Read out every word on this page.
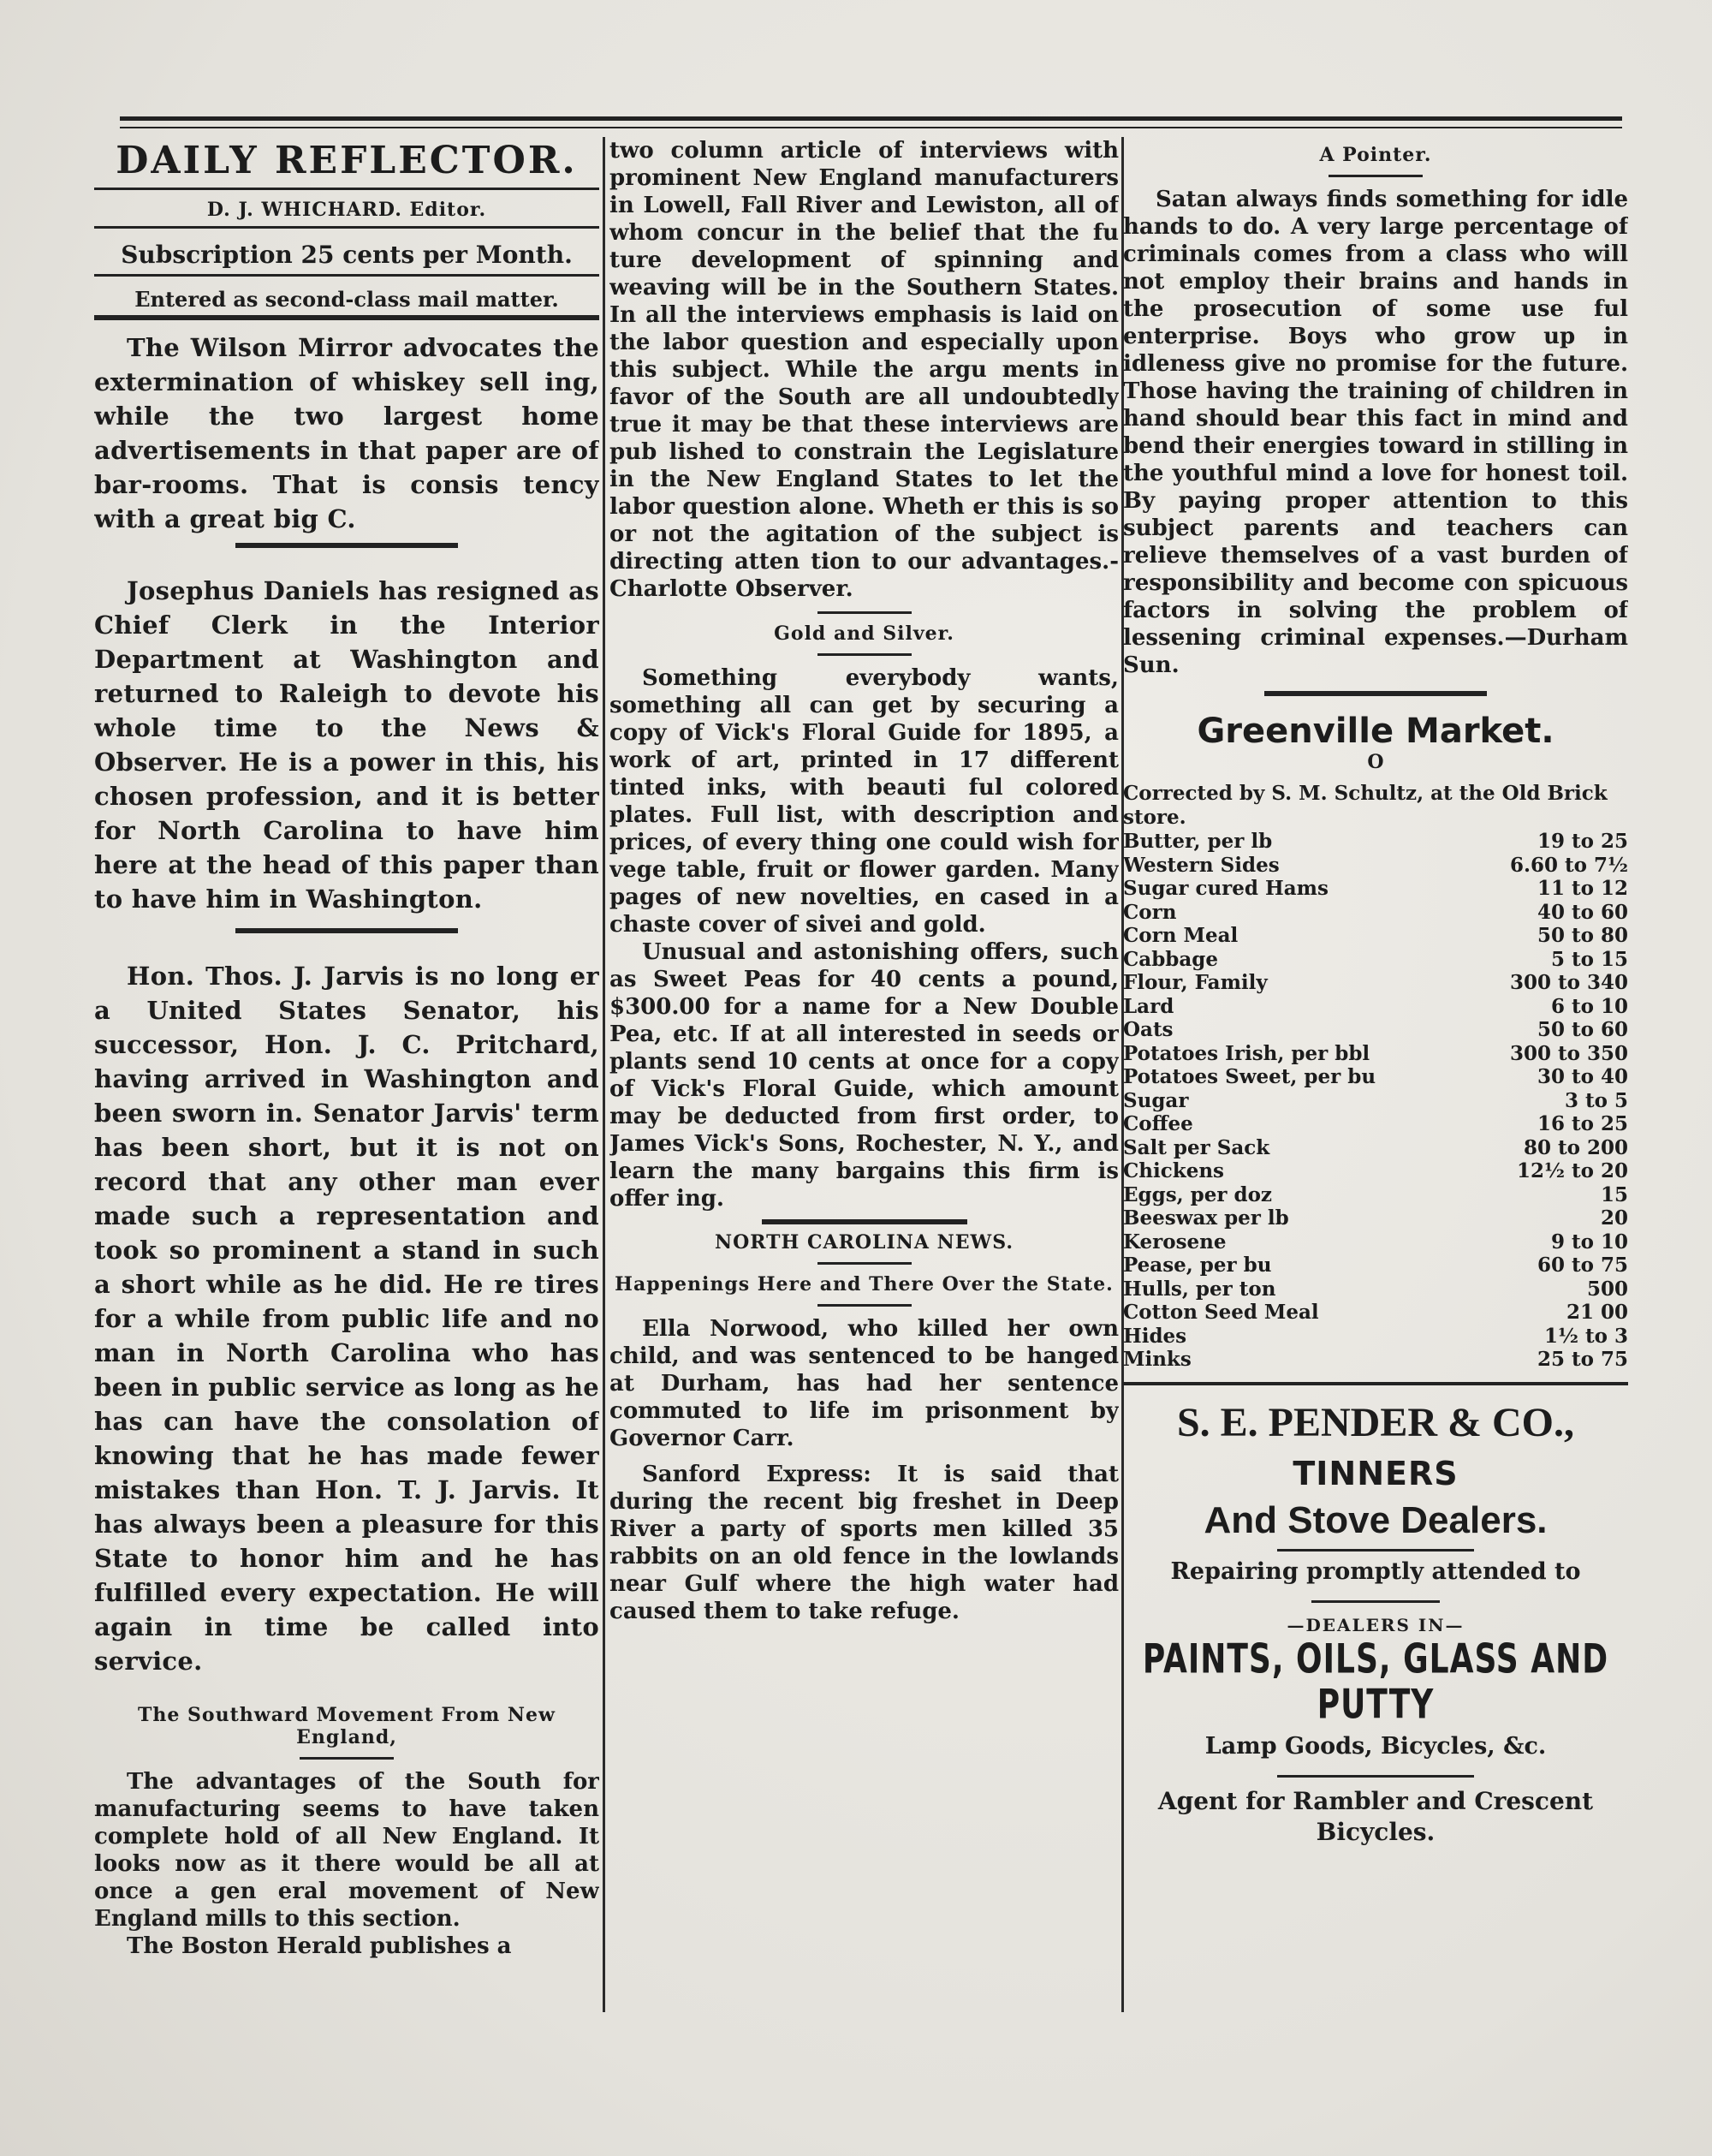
DAILY REFLECTOR.
D. J. WHICHARD. Editor.
Subscription 25 cents per Month.
Entered as second-class mail matter.

The Wilson Mirror advocates the extermination of whiskey sell ing, while the two largest home advertisements in that paper are of bar-rooms. That is consis tency with a great big C.

Josephus Daniels has resigned as Chief Clerk in the Interior Department at Washington and returned to Raleigh to devote his whole time to the News & Observer. He is a power in this, his chosen profession, and it is better for North Carolina to have him here at the head of this paper than to have him in Washington.

Hon. Thos. J. Jarvis is no long er a United States Senator, his successor, Hon. J. C. Pritchard, having arrived in Washington and been sworn in. Senator Jarvis' term has been short, but it is not on record that any other man ever made such a representation and took so prominent a stand in such a short while as he did. He re tires for a while from public life and no man in North Carolina who has been in public service as long as he has can have the consolation of knowing that he has made fewer mistakes than Hon. T. J. Jarvis. It has always been a pleasure for this State to honor him and he has fulfilled every expectation. He will again in time be called into service.

The Southward Movement From New England,

The advantages of the South for manufacturing seems to have taken complete hold of all New England. It looks now as it there would be all at once a gen eral movement of New England mills to this section.

The Boston Herald publishes a

two column article of interviews with prominent New England manufacturers in Lowell, Fall River and Lewiston, all of whom concur in the belief that the fu ture development of spinning and weaving will be in the Southern States. In all the interviews emphasis is laid on the labor question and especially upon this subject. While the argu ments in favor of the South are all undoubtedly true it may be that these interviews are pub lished to constrain the Legislature in the New England States to let the labor question alone. Wheth er this is so or not the agitation of the subject is directing atten tion to our advantages.-Charlotte Observer.

Gold and Silver.

Something everybody wants, something all can get by securing a copy of Vick's Floral Guide for 1895, a work of art, printed in 17 different tinted inks, with beauti ful colored plates. Full list, with description and prices, of every thing one could wish for vege table, fruit or flower garden. Many pages of new novelties, en cased in a chaste cover of sivei and gold.

Unusual and astonishing offers, such as Sweet Peas for 40 cents a pound, $300.00 for a name for a New Double Pea, etc. If at all interested in seeds or plants send 10 cents at once for a copy of Vick's Floral Guide, which amount may be deducted from first order, to James Vick's Sons, Rochester, N. Y., and learn the many bargains this firm is offer ing.

NORTH CAROLINA NEWS.
Happenings Here and There Over the State.

Ella Norwood, who killed her own child, and was sentenced to be hanged at Durham, has had her sentence commuted to life im prisonment by Governor Carr.

Sanford Express: It is said that during the recent big freshet in Deep River a party of sports men killed 35 rabbits on an old fence in the lowlands near Gulf where the high water had caused them to take refuge.

A Pointer.

Satan always finds something for idle hands to do. A very large percentage of criminals comes from a class who will not employ their brains and hands in the prosecution of some use ful enterprise. Boys who grow up in idleness give no promise for the future. Those having the training of children in hand should bear this fact in mind and bend their energies toward in stilling in the youthful mind a love for honest toil. By paying proper attention to this subject parents and teachers can relieve themselves of a vast burden of responsibility and become con spicuous factors in solving the problem of lessening criminal expenses.—Durham Sun.

Greenville Market.
O
Corrected by S. M. Schultz, at the Old Brick store.
Butter, per lb	19 to 25
Western Sides	6.60 to 7½
Sugar cured Hams	11 to 12
Corn	40 to 60
Corn Meal	50 to 80
Cabbage	5 to 15
Flour, Family	300 to 340
Lard	6 to 10
Oats	50 to 60
Potatoes Irish, per bbl	300 to 350
Potatoes Sweet, per bu	30 to 40
Sugar	3 to 5
Coffee	16 to 25
Salt per Sack	80 to 200
Chickens	12½ to 20
Eggs, per doz	15
Beeswax per lb	20
Kerosene	9 to 10
Pease, per bu	60 to 75
Hulls, per ton	500
Cotton Seed Meal	21 00
Hides	1½ to 3
Minks	25 to 75
S. E. PENDER & CO.,
TINNERS
And Stove Dealers.
Repairing promptly attended to
—DEALERS IN—
PAINTS, OILS, GLASS AND PUTTY
Lamp Goods, Bicycles, &c.
Agent for Rambler and Crescent Bicycles.
